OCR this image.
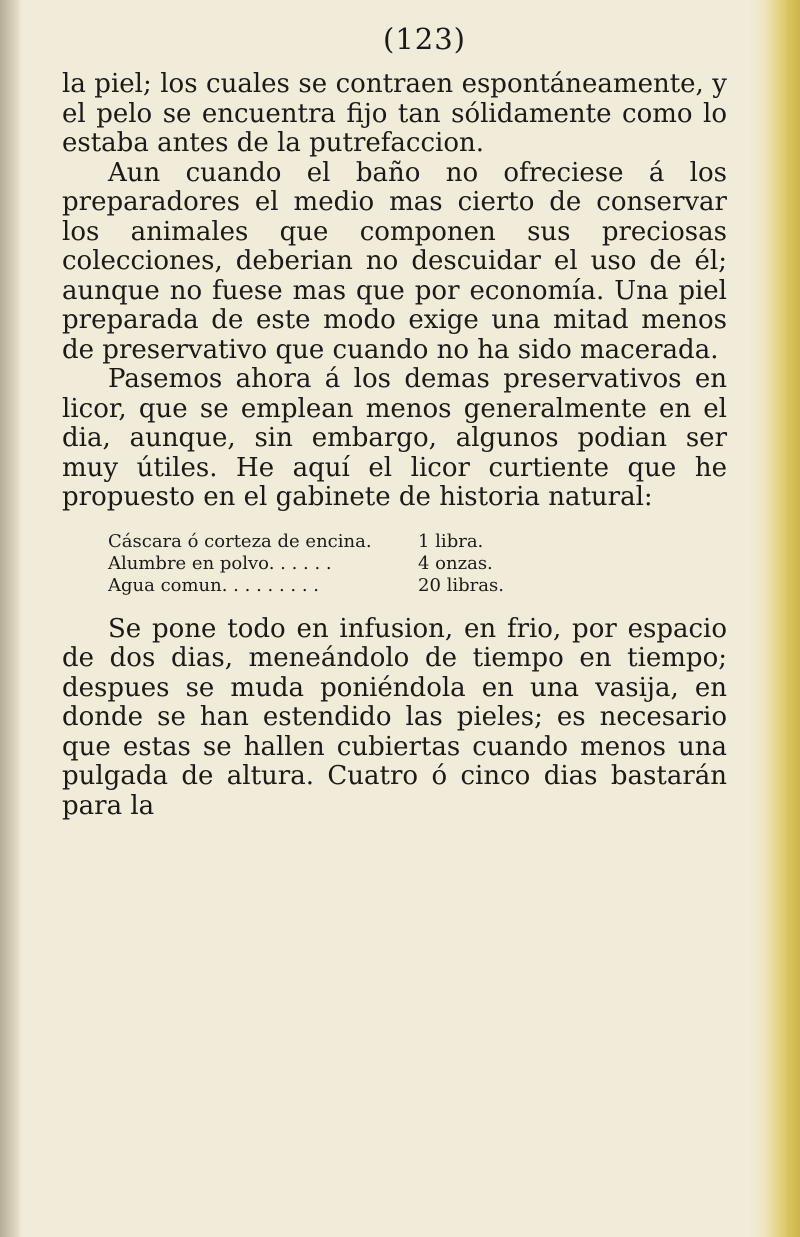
(123)

la piel; los cuales se contraen espontáneamente, y el pelo se encuentra fijo tan sólidamente como lo estaba antes de la putrefaccion.

Aun cuando el baño no ofreciese á los preparadores el medio mas cierto de conservar los animales que componen sus preciosas colecciones, deberian no descuidar el uso de él; aunque no fuese mas que por economía. Una piel preparada de este modo exige una mitad menos de preservativo que cuando no ha sido macerada.

Pasemos ahora á los demas preservativos en licor, que se emplean menos generalmente en el dia, aunque, sin embargo, algunos podian ser muy útiles. He aquí el licor curtiente que he propuesto en el gabinete de historia natural:

Cáscara ó corteza de encina.	1 libra.
Alumbre en polvo. . . . . .	4 onzas.
Agua comun. . . . . . . . .	20 libras.

Se pone todo en infusion, en frio, por espacio de dos dias, meneándolo de tiempo en tiempo; despues se muda poniéndola en una vasija, en donde se han estendido las pieles; es necesario que estas se hallen cubiertas cuando menos una pulgada de altura. Cuatro ó cinco dias bastarán para la
